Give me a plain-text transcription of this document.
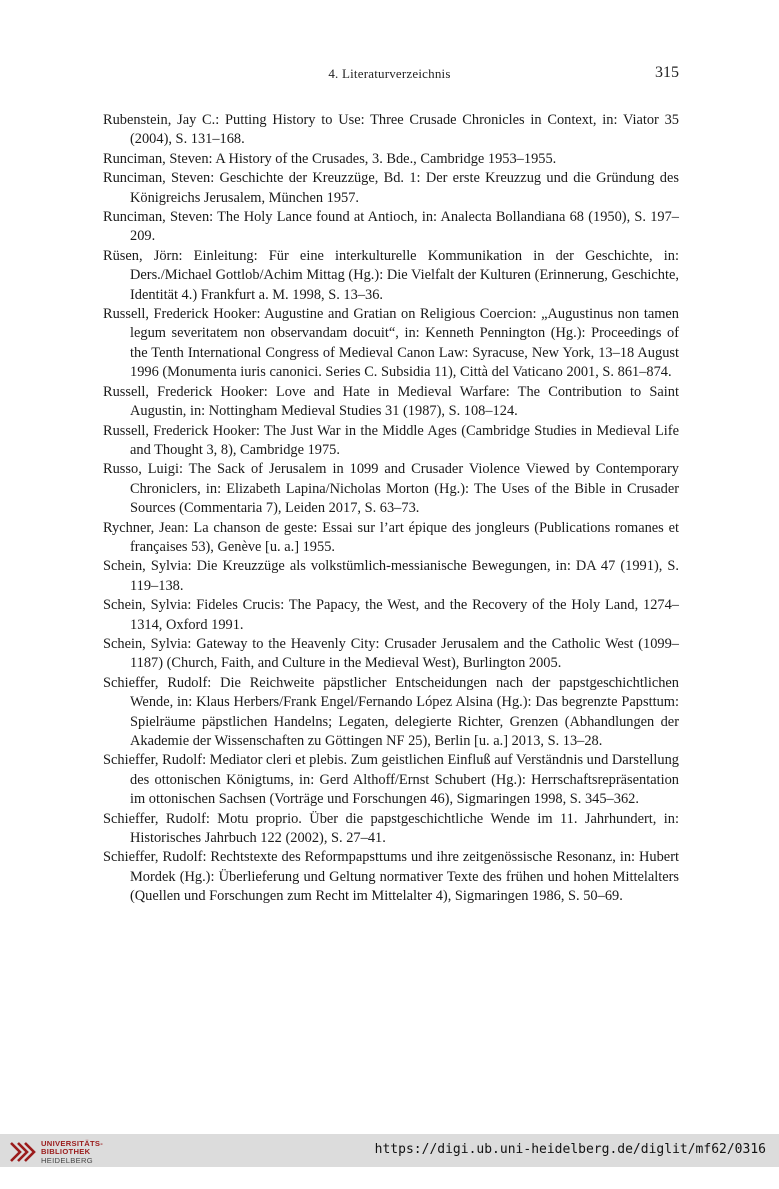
4. Literaturverzeichnis	315

Rubenstein, Jay C.: Putting History to Use: Three Crusade Chronicles in Context, in: Viator 35 (2004), S. 131–168.

Runciman, Steven: A History of the Crusades, 3. Bde., Cambridge 1953–1955.

Runciman, Steven: Geschichte der Kreuzzüge, Bd. 1: Der erste Kreuzzug und die Gründung des Königreichs Jerusalem, München 1957.

Runciman, Steven: The Holy Lance found at Antioch, in: Analecta Bollandiana 68 (1950), S. 197–209.

Rüsen, Jörn: Einleitung: Für eine interkulturelle Kommunikation in der Geschichte, in: Ders./Michael Gottlob/Achim Mittag (Hg.): Die Vielfalt der Kulturen (Erinnerung, Geschichte, Identität 4.) Frankfurt a. M. 1998, S. 13–36.

Russell, Frederick Hooker: Augustine and Gratian on Religious Coercion: „Augustinus non tamen legum severitatem non observandam docuit“, in: Kenneth Pennington (Hg.): Proceedings of the Tenth International Congress of Medieval Canon Law: Syracuse, New York, 13–18 August 1996 (Monumenta iuris canonici. Series C. Subsidia 11), Città del Vaticano 2001, S. 861–874.

Russell, Frederick Hooker: Love and Hate in Medieval Warfare: The Contribution to Saint Augustin, in: Nottingham Medieval Studies 31 (1987), S. 108–124.

Russell, Frederick Hooker: The Just War in the Middle Ages (Cambridge Studies in Medieval Life and Thought 3, 8), Cambridge 1975.

Russo, Luigi: The Sack of Jerusalem in 1099 and Crusader Violence Viewed by Contemporary Chroniclers, in: Elizabeth Lapina/Nicholas Morton (Hg.): The Uses of the Bible in Crusader Sources (Commentaria 7), Leiden 2017, S. 63–73.

Rychner, Jean: La chanson de geste: Essai sur l’art épique des jongleurs (Publications romanes et françaises 53), Genève [u. a.] 1955.

Schein, Sylvia: Die Kreuzzüge als volkstümlich-messianische Bewegungen, in: DA 47 (1991), S. 119–138.

Schein, Sylvia: Fideles Crucis: The Papacy, the West, and the Recovery of the Holy Land, 1274–1314, Oxford 1991.

Schein, Sylvia: Gateway to the Heavenly City: Crusader Jerusalem and the Catholic West (1099–1187) (Church, Faith, and Culture in the Medieval West), Burlington 2005.

Schieffer, Rudolf: Die Reichweite päpstlicher Entscheidungen nach der papstgeschichtlichen Wende, in: Klaus Herbers/Frank Engel/Fernando López Alsina (Hg.): Das begrenzte Papsttum: Spielräume päpstlichen Handelns; Legaten, delegierte Richter, Grenzen (Abhandlungen der Akademie der Wissenschaften zu Göttingen NF 25), Berlin [u. a.] 2013, S. 13–28.

Schieffer, Rudolf: Mediator cleri et plebis. Zum geistlichen Einfluß auf Verständnis und Darstellung des ottonischen Königtums, in: Gerd Althoff/Ernst Schubert (Hg.): Herrschaftsrepräsentation im ottonischen Sachsen (Vorträge und Forschungen 46), Sigmaringen 1998, S. 345–362.

Schieffer, Rudolf: Motu proprio. Über die papstgeschichtliche Wende im 11. Jahrhundert, in: Historisches Jahrbuch 122 (2002), S. 27–41.

Schieffer, Rudolf: Rechtstexte des Reformpapsttums und ihre zeitgenössische Resonanz, in: Hubert Mordek (Hg.): Überlieferung und Geltung normativer Texte des frühen und hohen Mittelalters (Quellen und Forschungen zum Recht im Mittelalter 4), Sigmaringen 1986, S. 50–69.

UNIVERSITÄTS-
BIBLIOTHEK
HEIDELBERG
https://digi.ub.uni-heidelberg.de/diglit/mf62/0316
